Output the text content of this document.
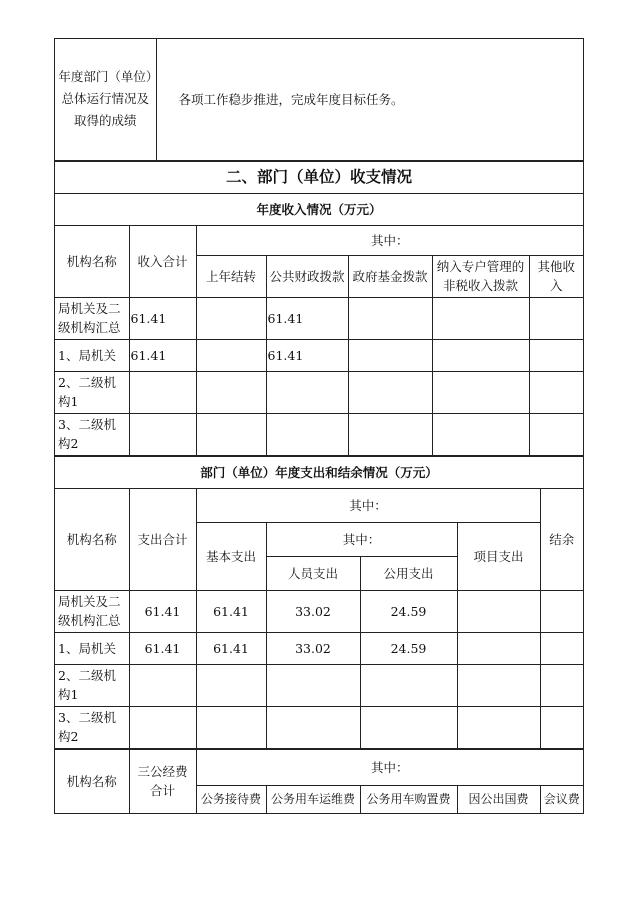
年度部门（单位）总体运行情况及取得的成绩	各项工作稳步推进，完成年度目标任务。
二、部门（单位）收支情况						
年度收入情况（万元）						
机构名称	收入合计	其中：				
		上年结转	公共财政拨款	政府基金拨款	纳入专户管理的非税收入拨款	其他收入
局机关及二级机构汇总	61.41		61.41			
1、局机关	61.41		61.41			
2、二级机构1						
3、二级机构2						
部门（单位）年度支出和结余情况（万元）						
机构名称	支出合计	其中：				结余
		基本支出	其中：		项目支出	
			人员支出	公用支出		
局机关及二级机构汇总	61.41	61.41	33.02	24.59		
1、局机关	61.41	61.41	33.02	24.59		
2、二级机构1						
3、二级机构2						
机构名称	三公经费合计	其中：				
		公务接待费	公务用车运维费	公务用车购置费	因公出国费	会议费
